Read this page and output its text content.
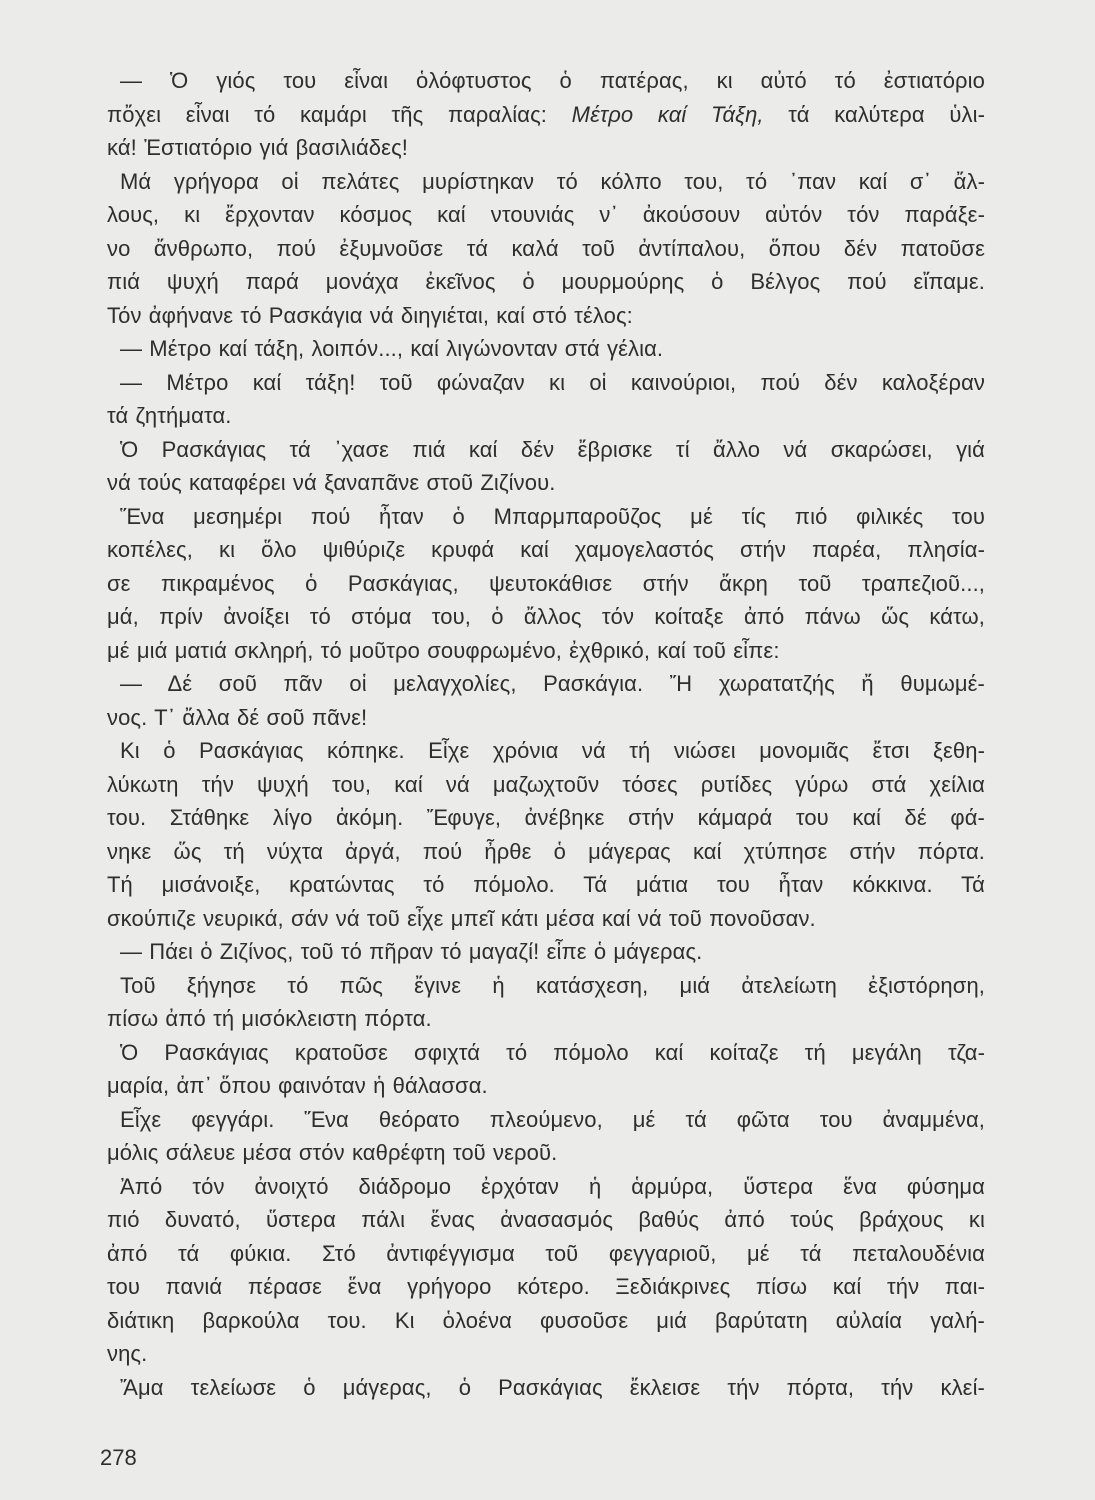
— Ὁ γιός του εἶναι ὁλόφτυστος ὁ πατέρας, κι αὐτό τό ἐστιατόριο
πὄχει εἶναι τό καμάρι τῆς παραλίας: Μέτρο καί Τάξη, τά καλύτερα ὑλι-
κά! Ἐστιατόριο γιά βασιλιάδες!
Μά γρήγορα οἱ πελάτες μυρίστηκαν τό κόλπο του, τό ᾽παν καί σ᾽ ἄλ-
λους, κι ἔρχονταν κόσμος καί ντουνιάς ν᾽ ἀκούσουν αὐτόν τόν παράξε-
νο ἄνθρωπο, πού ἐξυμνοῦσε τά καλά τοῦ ἀντίπαλου, ὅπου δέν πατοῦσε
πιά ψυχή παρά μονάχα ἐκεῖνος ὁ μουρμούρης ὁ Βέλγος πού εἴπαμε.
Τόν ἀφήνανε τό Ρασκάγια νά διηγιέται, καί στό τέλος:
— Μέτρο καί τάξη, λοιπόν..., καί λιγώνονταν στά γέλια.
— Μέτρο καί τάξη! τοῦ φώναζαν κι οἱ καινούριοι, πού δέν καλοξέραν
τά ζητήματα.
Ὁ Ρασκάγιας τά ᾽χασε πιά καί δέν ἔβρισκε τί ἄλλο νά σκαρώσει, γιά
νά τούς καταφέρει νά ξαναπᾶνε στοῦ Ζιζίνου.
Ἕνα μεσημέρι πού ἦταν ὁ Μπαρμπαροῦζος μέ τίς πιό φιλικές του
κοπέλες, κι ὅλο ψιθύριζε κρυφά καί χαμογελαστός στήν παρέα, πλησία-
σε πικραμένος ὁ Ρασκάγιας, ψευτοκάθισε στήν ἄκρη τοῦ τραπεζιοῦ...,
μά, πρίν ἀνοίξει τό στόμα του, ὁ ἄλλος τόν κοίταξε ἀπό πάνω ὥς κάτω,
μέ μιά ματιά σκληρή, τό μοῦτρο σουφρωμένο, ἐχθρικό, καί τοῦ εἶπε:
— Δέ σοῦ πᾶν οἱ μελαγχολίες, Ρασκάγια. Ἤ χωρατατζής ἤ θυμωμέ-
νος. Τ᾽ ἄλλα δέ σοῦ πᾶνε!
Κι ὁ Ρασκάγιας κόπηκε. Εἶχε χρόνια νά τή νιώσει μονομιᾶς ἔτσι ξεθη-
λύκωτη τήν ψυχή του, καί νά μαζωχτοῦν τόσες ρυτίδες γύρω στά χείλια
του. Στάθηκε λίγο ἀκόμη. Ἔφυγε, ἀνέβηκε στήν κάμαρά του καί δέ φά-
νηκε ὥς τή νύχτα ἀργά, πού ἦρθε ὁ μάγερας καί χτύπησε στήν πόρτα.
Τή μισάνοιξε, κρατώντας τό πόμολο. Τά μάτια του ἦταν κόκκινα. Τά
σκούπιζε νευρικά, σάν νά τοῦ εἶχε μπεῖ κάτι μέσα καί νά τοῦ πονοῦσαν.
— Πάει ὁ Ζιζίνος, τοῦ τό πῆραν τό μαγαζί! εἶπε ὁ μάγερας.
Τοῦ ξήγησε τό πῶς ἔγινε ἡ κατάσχεση, μιά ἀτελείωτη ἐξιστόρηση,
πίσω ἀπό τή μισόκλειστη πόρτα.
Ὁ Ρασκάγιας κρατοῦσε σφιχτά τό πόμολο καί κοίταζε τή μεγάλη τζα-
μαρία, ἀπ᾽ ὅπου φαινόταν ἡ θάλασσα.
Εἶχε φεγγάρι. Ἕνα θεόρατο πλεούμενο, μέ τά φῶτα του ἀναμμένα,
μόλις σάλευε μέσα στόν καθρέφτη τοῦ νεροῦ.
Ἀπό τόν ἀνοιχτό διάδρομο ἐρχόταν ἡ ἁρμύρα, ὕστερα ἕνα φύσημα
πιό δυνατό, ὕστερα πάλι ἕνας ἀνασασμός βαθύς ἀπό τούς βράχους κι
ἀπό τά φύκια. Στό ἀντιφέγγισμα τοῦ φεγγαριοῦ, μέ τά πεταλουδένια
του πανιά πέρασε ἕνα γρήγορο κότερο. Ξεδιάκρινες πίσω καί τήν παι-
διάτικη βαρκούλα του. Κι ὁλοένα φυσοῦσε μιά βαρύτατη αὐλαία γαλή-
νης.
Ἄμα τελείωσε ὁ μάγερας, ὁ Ρασκάγιας ἔκλεισε τήν πόρτα, τήν κλεί-
278
